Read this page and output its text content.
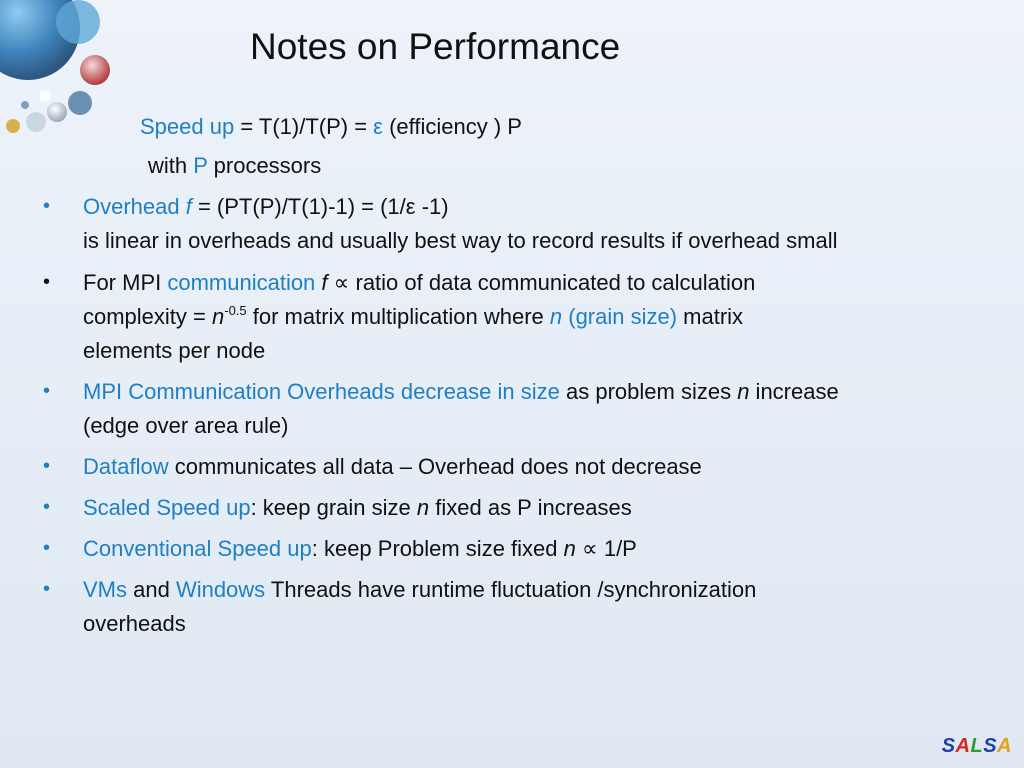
Notes on Performance
Speed up = T(1)/T(P) = ε (efficiency ) P
with P processors
• Overhead f = (PT(P)/T(1)-1) = (1/ε -1)
is linear in overheads and usually best way to record results if overhead small
• For MPI communication f ∝ ratio of data communicated to calculation
complexity = $n^{-0.5}$ for matrix multiplication where n (grain size) matrix
elements per node
• MPI Communication Overheads decrease in size as problem sizes n increase
(edge over area rule)
• Dataflow communicates all data – Overhead does not decrease
• Scaled Speed up: keep grain size n fixed as P increases
• Conventional Speed up: keep Problem size fixed n ∝ 1/P
• VMs and Windows Threads have runtime fluctuation /synchronization
overheads
SALSA
